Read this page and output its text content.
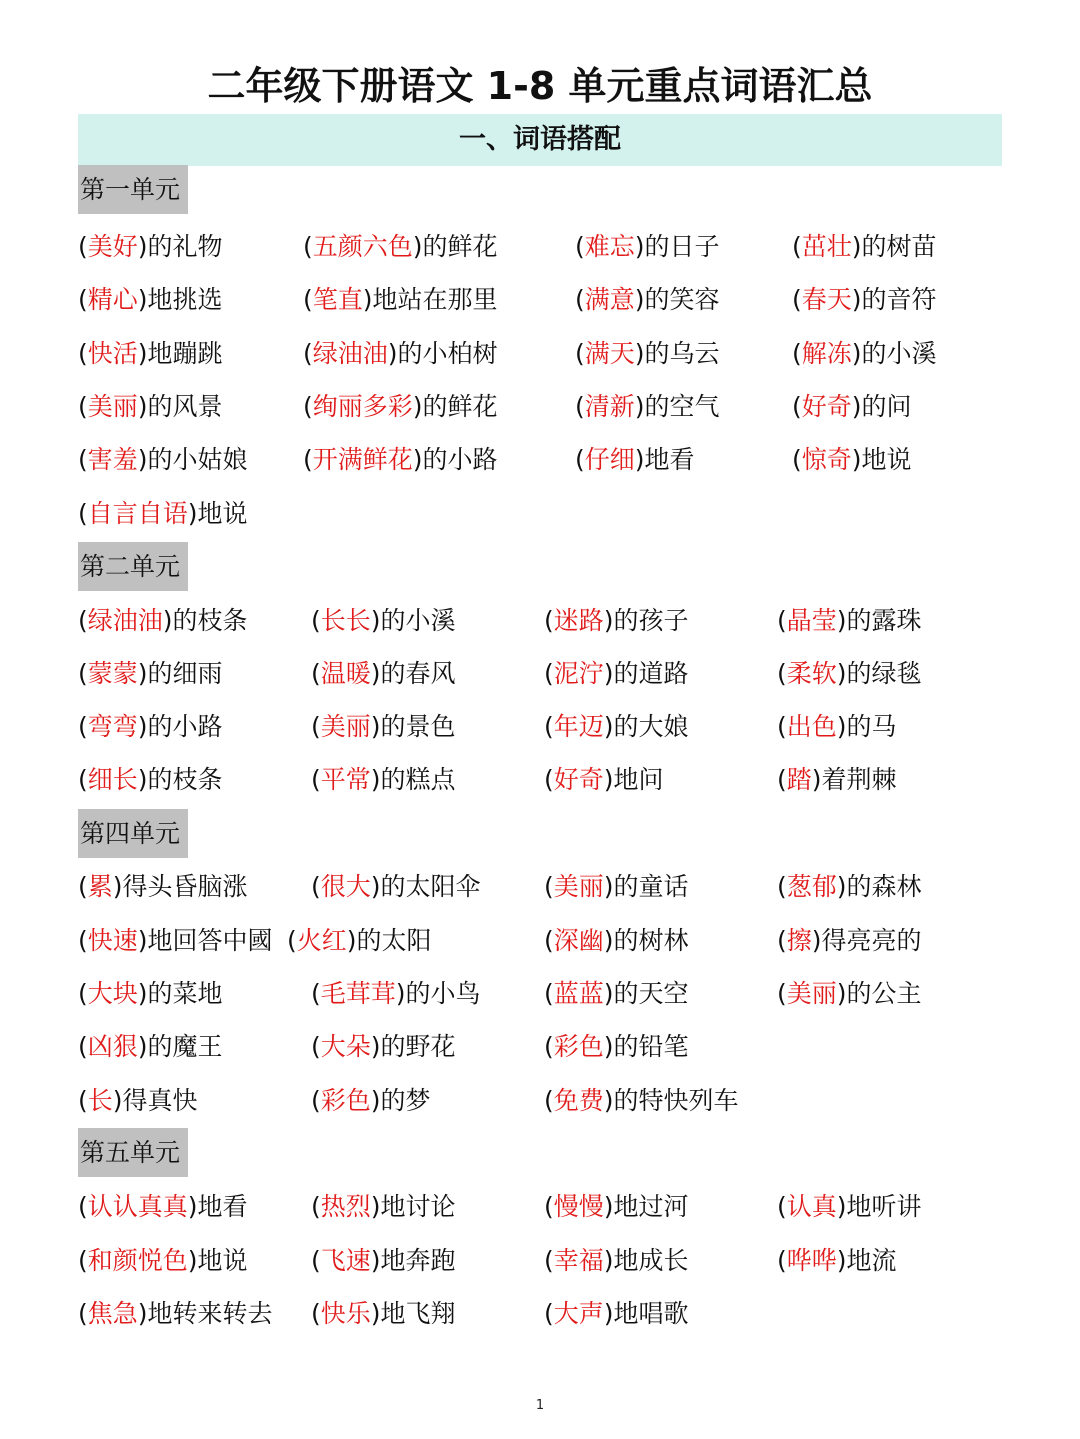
二年级下册语文 1-8 单元重点词语汇总
一、词语搭配
第一单元
(美好)的礼物	(五颜六色)的鲜花	(难忘)的日子	(茁壮)的树苗
(精心)地挑选	(笔直)地站在那里	(满意)的笑容	(春天)的音符
(快活)地蹦跳	(绿油油)的小柏树	(满天)的乌云	(解冻)的小溪
(美丽)的风景	(绚丽多彩)的鲜花	(清新)的空气	(好奇)的问
(害羞)的小姑娘 (开满鲜花)的小路	(仔细)地看	(惊奇)地说
(自言自语)地说
第二单元
(绿油油)的枝条	(长长)的小溪	(迷路)的孩子	(晶莹)的露珠
(蒙蒙)的细雨	(温暖)的春风	(泥泞)的道路	(柔软)的绿毯
(弯弯)的小路	(美丽)的景色	(年迈)的大娘	(出色)的马
(细长)的枝条	(平常)的糕点	(好奇)地问	(踏)着荆棘
第四单元
(累)得头昏脑涨	(很大)的太阳伞	(美丽)的童话	(葱郁)的森林
(快速)地回答中國 (火红)的太阳	(深幽)的树林	(擦)得亮亮的
(大块)的菜地	(毛茸茸)的小鸟	(蓝蓝)的天空	(美丽)的公主
(凶狠)的魔王	(大朵)的野花	(彩色)的铅笔
(长)得真快	(彩色)的梦	(免费)的特快列车
第五单元
(认认真真)地看	(热烈)地讨论	(慢慢)地过河	(认真)地听讲
(和颜悦色)地说	(飞速)地奔跑	(幸福)地成长	(哗哗)地流
(焦急)地转来转去 (快乐)地飞翔	(大声)地唱歌
1
